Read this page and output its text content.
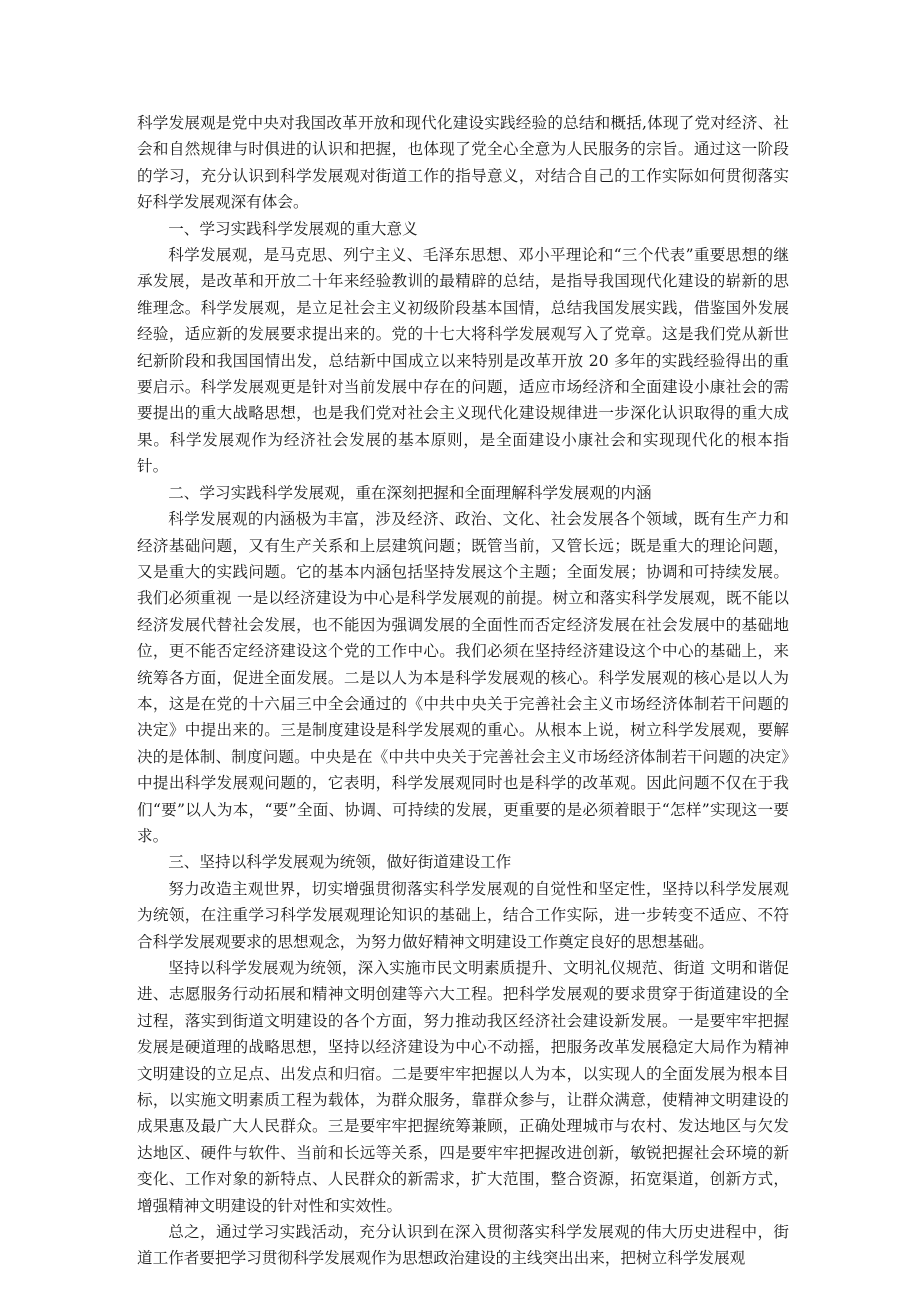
科学发展观是党中央对我国改革开放和现代化建设实践经验的总结和概括,体现了党对经济、社会和自然规律与时俱进的认识和把握，也体现了党全心全意为人民服务的宗旨。通过这一阶段的学习，充分认识到科学发展观对街道工作的指导意义，对结合自己的工作实际如何贯彻落实好科学发展观深有体会。

一、学习实践科学发展观的重大意义

科学发展观，是马克思、列宁主义、毛泽东思想、邓小平理论和“三个代表”重要思想的继承发展，是改革和开放二十年来经验教训的最精辟的总结，是指导我国现代化建设的崭新的思维理念。科学发展观，是立足社会主义初级阶段基本国情，总结我国发展实践，借鉴国外发展经验，适应新的发展要求提出来的。党的十七大将科学发展观写入了党章。这是我们党从新世纪新阶段和我国国情出发，总结新中国成立以来特别是改革开放 20 多年的实践经验得出的重要启示。科学发展观更是针对当前发展中存在的问题，适应市场经济和全面建设小康社会的需要提出的重大战略思想，也是我们党对社会主义现代化建设规律进一步深化认识取得的重大成果。科学发展观作为经济社会发展的基本原则，是全面建设小康社会和实现现代化的根本指针。

二、学习实践科学发展观，重在深刻把握和全面理解科学发展观的内涵

科学发展观的内涵极为丰富，涉及经济、政治、文化、社会发展各个领域，既有生产力和经济基础问题，又有生产关系和上层建筑问题；既管当前，又管长远；既是重大的理论问题，又是重大的实践问题。它的基本内涵包括坚持发展这个主题；全面发展；协调和可持续发展。我们必须重视 一是以经济建设为中心是科学发展观的前提。树立和落实科学发展观，既不能以经济发展代替社会发展，也不能因为强调发展的全面性而否定经济发展在社会发展中的基础地位，更不能否定经济建设这个党的工作中心。我们必须在坚持经济建设这个中心的基础上，来统筹各方面，促进全面发展。二是以人为本是科学发展观的核心。科学发展观的核心是以人为本，这是在党的十六届三中全会通过的《中共中央关于完善社会主义市场经济体制若干问题的决定》中提出来的。三是制度建设是科学发展观的重心。从根本上说，树立科学发展观，要解决的是体制、制度问题。中央是在《中共中央关于完善社会主义市场经济体制若干问题的决定》中提出科学发展观问题的，它表明，科学发展观同时也是科学的改革观。因此问题不仅在于我们“要”以人为本，“要”全面、协调、可持续的发展，更重要的是必须着眼于“怎样”实现这一要求。

三、坚持以科学发展观为统领，做好街道建设工作

努力改造主观世界，切实增强贯彻落实科学发展观的自觉性和坚定性，坚持以科学发展观为统领，在注重学习科学发展观理论知识的基础上，结合工作实际，进一步转变不适应、不符合科学发展观要求的思想观念，为努力做好精神文明建设工作奠定良好的思想基础。

坚持以科学发展观为统领，深入实施市民文明素质提升、文明礼仪规范、街道 文明和谐促进、志愿服务行动拓展和精神文明创建等六大工程。把科学发展观的要求贯穿于街道建设的全过程，落实到街道文明建设的各个方面，努力推动我区经济社会建设新发展。一是要牢牢把握发展是硬道理的战略思想，坚持以经济建设为中心不动摇，把服务改革发展稳定大局作为精神文明建设的立足点、出发点和归宿。二是要牢牢把握以人为本，以实现人的全面发展为根本目标，以实施文明素质工程为载体，为群众服务，靠群众参与，让群众满意，使精神文明建设的成果惠及最广大人民群众。三是要牢牢把握统筹兼顾，正确处理城市与农村、发达地区与欠发达地区、硬件与软件、当前和长远等关系，四是要牢牢把握改进创新，敏锐把握社会环境的新变化、工作对象的新特点、人民群众的新需求，扩大范围，整合资源，拓宽渠道，创新方式，增强精神文明建设的针对性和实效性。

总之，通过学习实践活动，充分认识到在深入贯彻落实科学发展观的伟大历史进程中，街道工作者要把学习贯彻科学发展观作为思想政治建设的主线突出出来，把树立科学发展观
